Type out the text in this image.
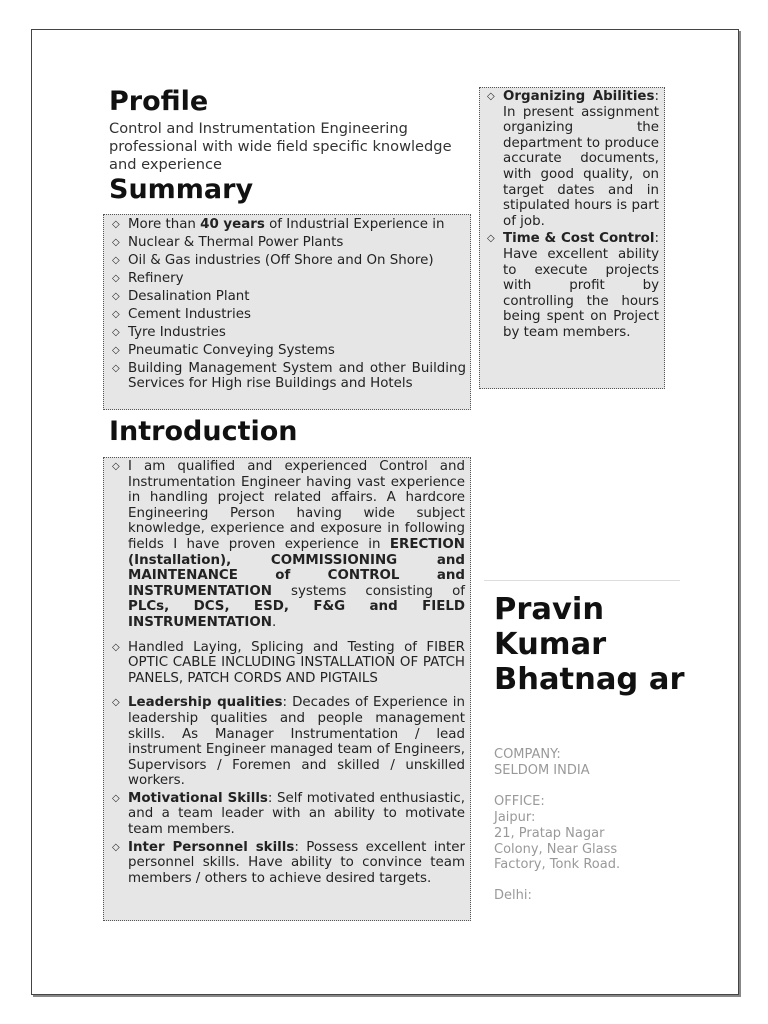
Profile
Control and Instrumentation Engineering professional with wide field specific knowledge and experience
Summary
◇ More than 40 years of Industrial Experience in
◇ Nuclear & Thermal Power Plants
◇ Oil & Gas industries (Off Shore and On Shore)
◇ Refinery
◇ Desalination Plant
◇ Cement Industries
◇ Tyre Industries
◇ Pneumatic Conveying Systems
◇ Building Management System and other Building Services for High rise Buildings and Hotels
Introduction
◇ I am qualified and experienced Control and Instrumentation Engineer having vast experience in handling project related affairs. A hardcore Engineering Person having wide subject knowledge, experience and exposure in following fields I have proven experience in ERECTION (Installation), COMMISSIONING and MAINTENANCE of CONTROL and INSTRUMENTATION systems consisting of PLCs, DCS, ESD, F&G and FIELD INSTRUMENTATION.
◇ Handled Laying, Splicing and Testing of FIBER OPTIC CABLE INCLUDING INSTALLATION OF PATCH PANELS, PATCH CORDS AND PIGTAILS
◇ Leadership qualities: Decades of Experience in leadership qualities and people management skills. As Manager Instrumentation / lead instrument Engineer managed team of Engineers, Supervisors / Foremen and skilled / unskilled workers.
◇ Motivational Skills: Self motivated enthusiastic, and a team leader with an ability to motivate team members.
◇ Inter Personnel skills: Possess excellent inter personnel skills. Have ability to convince team members / others to achieve desired targets.
◇ Organizing Abilities: In present assignment organizing the department to produce accurate documents, with good quality, on target dates and in stipulated hours is part of job.
◇ Time & Cost Control: Have excellent ability to execute projects with profit by controlling the hours being spent on Project by team members.
Pravin Kumar Bhatnag ar
COMPANY:
SELDOM INDIA
OFFICE:
Jaipur:
21, Pratap Nagar Colony, Near Glass Factory, Tonk Road.
Delhi:
